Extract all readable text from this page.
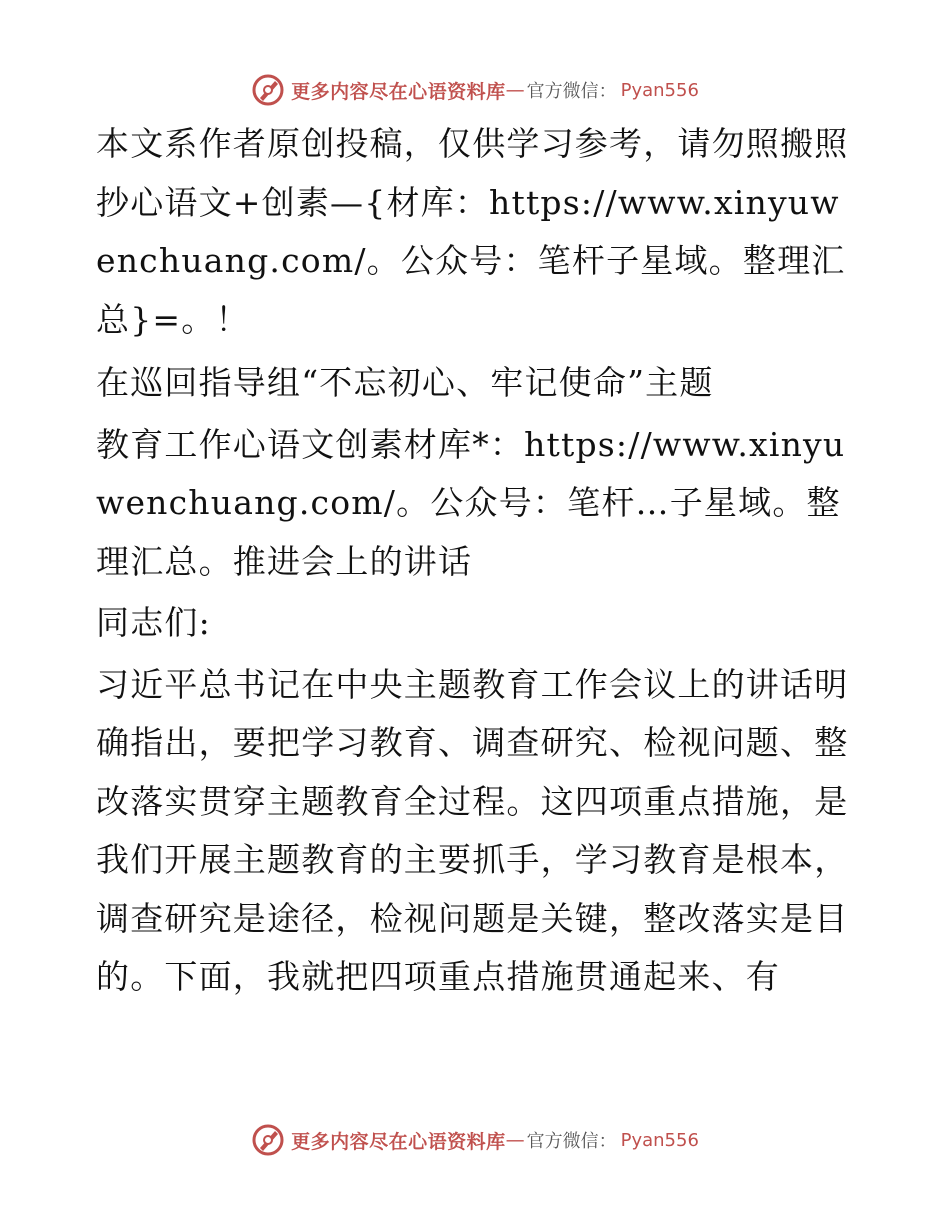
更多内容尽在心语资料库 — 官方微信： Pyan556

本文系作者原创投稿，仅供学习参考，请勿照搬照抄心语文+创素—{材库：https://www.xinyuwenchuang.com/。公众号：笔杆子星域。整理汇总}=。！

在巡回指导组“不忘初心、牢记使命”主题

教育工作心语文创素材库*：https://www.xinyuwenchuang.com/。公众号：笔杆…子星域。整理汇总。推进会上的讲话

同志们:

习近平总书记在中央主题教育工作会议上的讲话明确指出，要把学习教育、调查研究、检视问题、整改落实贯穿主题教育全过程。这四项重点措施，是我们开展主题教育的主要抓手，学习教育是根本，调查研究是途径，检视问题是关键，整改落实是目的。下面，我就把四项重点措施贯通起来、有

更多内容尽在心语资料库 — 官方微信： Pyan556
